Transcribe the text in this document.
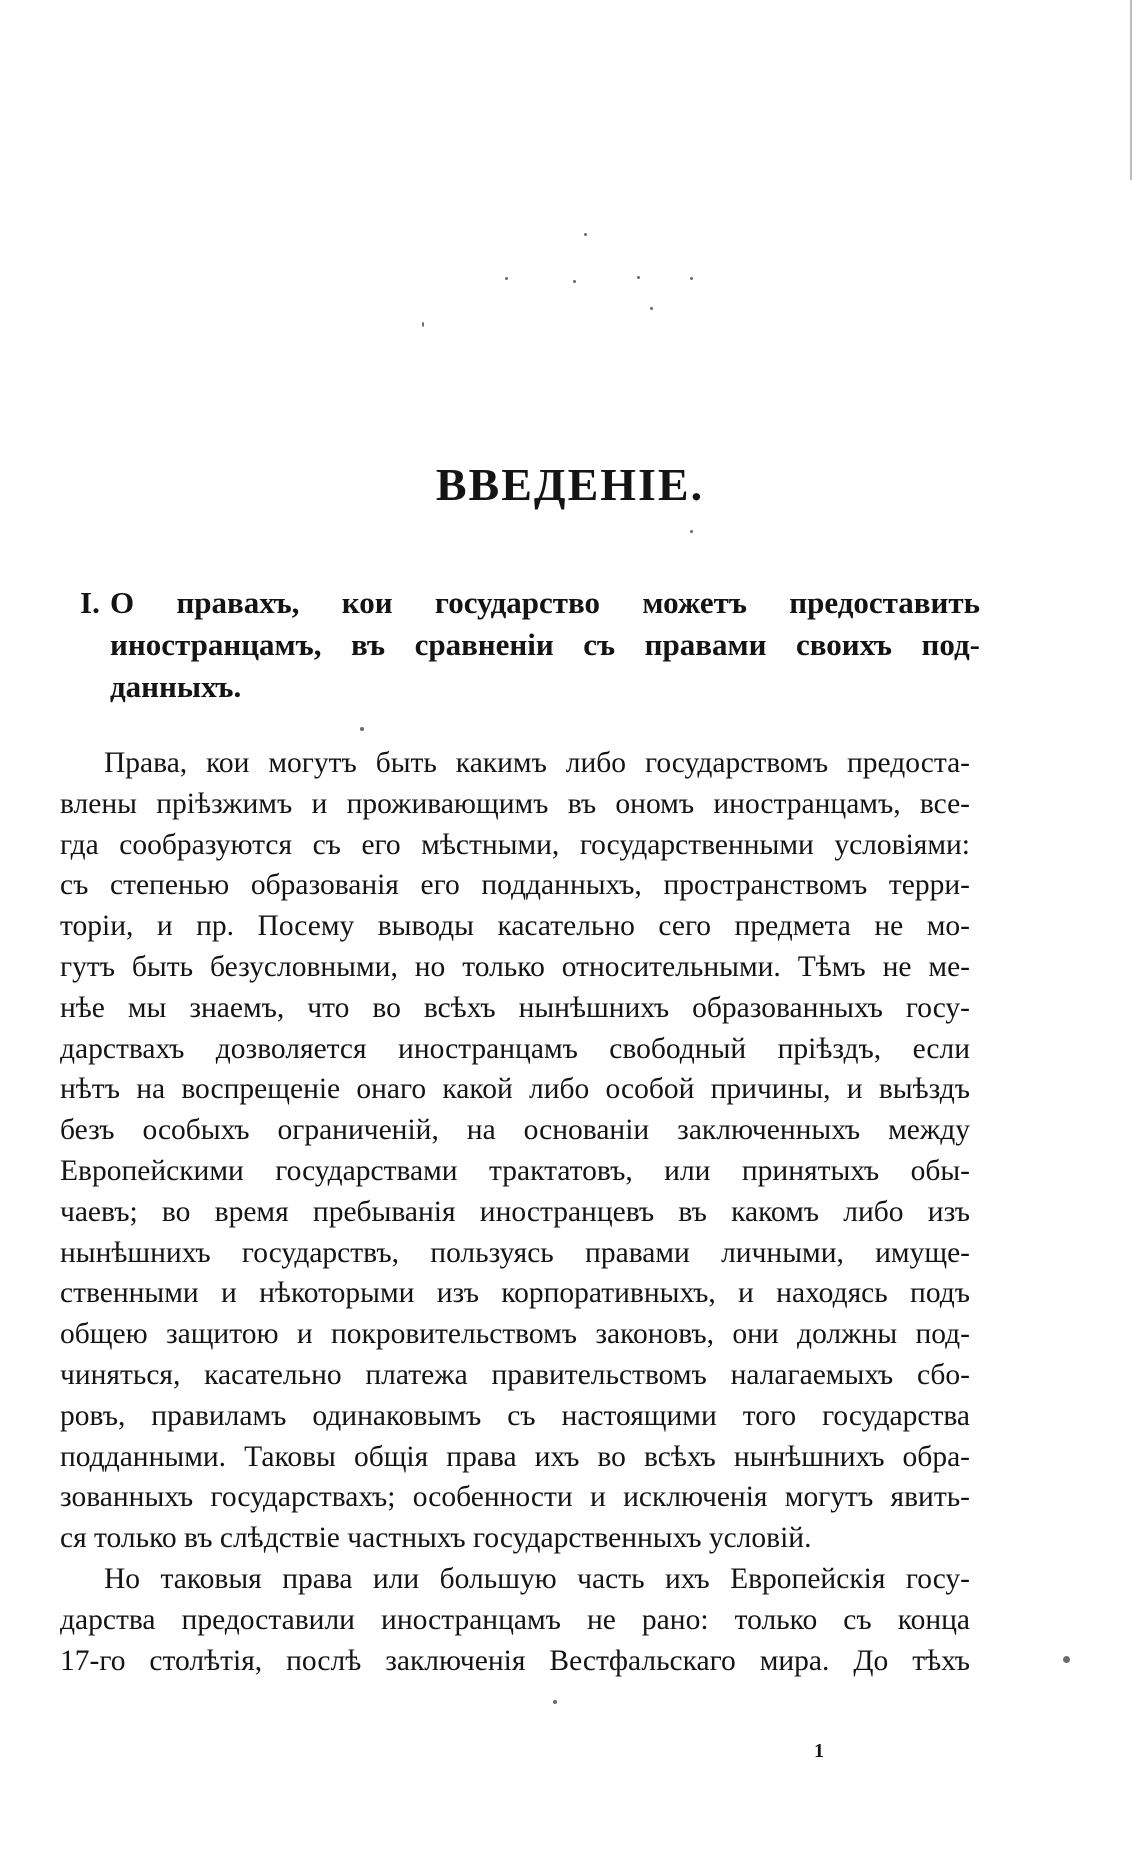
ВВЕДЕНІЕ.
I. О правахъ, кои государство можетъ предоставить
иностранцамъ, въ сравненіи съ правами своихъ под-
данныхъ.
Права, кои могутъ быть какимъ либо государствомъ предоста-
влены пріѣзжимъ и проживающимъ въ ономъ иностранцамъ, все-
гда сообразуются съ его мѣстными, государственными условіями:
съ степенью образованія его подданныхъ, пространствомъ терри-
торіи, и пр. Посему выводы касательно сего предмета не мо-
гутъ быть безусловными, но только относительными. Тѣмъ не ме-
нѣе мы знаемъ, что во всѣхъ нынѣшнихъ образованныхъ госу-
дарствахъ дозволяется иностранцамъ свободный пріѣздъ, если
нѣтъ на воспрещеніе онаго какой либо особой причины, и выѣздъ
безъ особыхъ ограниченій, на основаніи заключенныхъ между
Европейскими государствами трактатовъ, или принятыхъ обы-
чаевъ; во время пребыванія иностранцевъ въ какомъ либо изъ
нынѣшнихъ государствъ, пользуясь правами личными, имуще-
ственными и нѣкоторыми изъ корпоративныхъ, и находясь подъ
общею защитою и покровительствомъ законовъ, они должны под-
чиняться, касательно платежа правительствомъ налагаемыхъ сбо-
ровъ, правиламъ одинаковымъ съ настоящими того государства
подданными. Таковы общія права ихъ во всѣхъ нынѣшнихъ обра-
зованныхъ государствахъ; особенности и исключенія могутъ явить-
ся только въ слѣдствіе частныхъ государственныхъ условій.
Но таковыя права или большую часть ихъ Европейскія госу-
дарства предоставили иностранцамъ не рано: только съ конца
17-го столѣтія, послѣ заключенія Вестфальскаго мира. До тѣхъ
1
